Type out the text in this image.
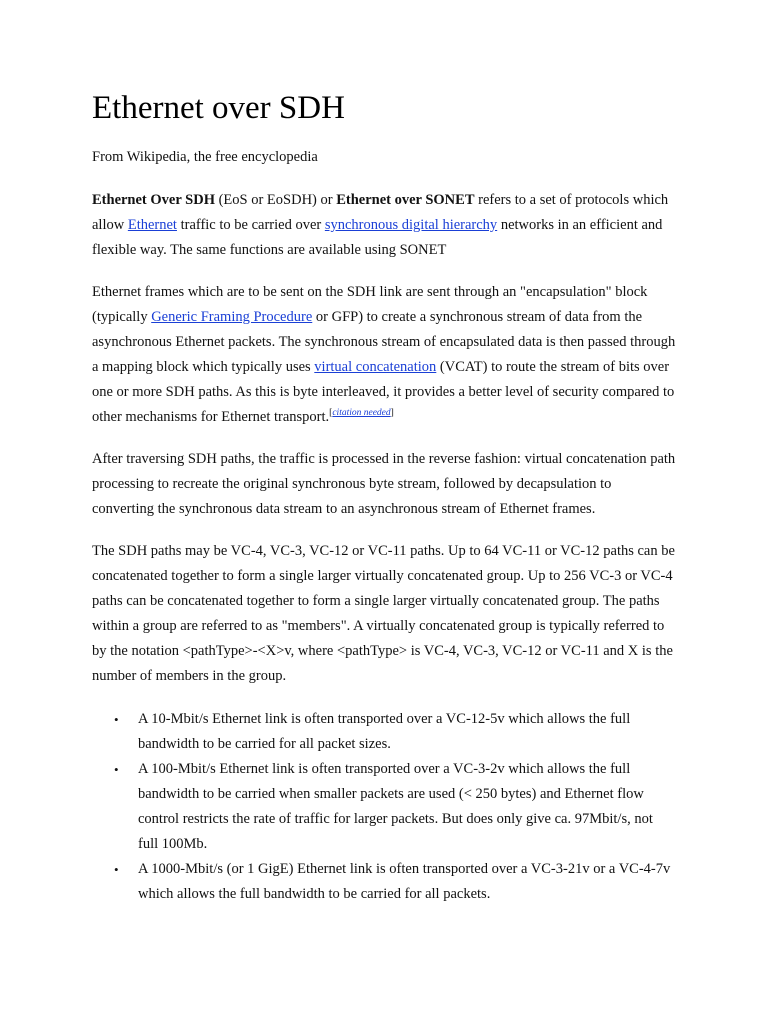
Ethernet over SDH
From Wikipedia, the free encyclopedia

Ethernet Over SDH (EoS or EoSDH) or Ethernet over SONET refers to a set of protocols which allow Ethernet traffic to be carried over synchronous digital hierarchy networks in an efficient and flexible way. The same functions are available using SONET

Ethernet frames which are to be sent on the SDH link are sent through an "encapsulation" block (typically Generic Framing Procedure or GFP) to create a synchronous stream of data from the asynchronous Ethernet packets. The synchronous stream of encapsulated data is then passed through a mapping block which typically uses virtual concatenation (VCAT) to route the stream of bits over one or more SDH paths. As this is byte interleaved, it provides a better level of security compared to other mechanisms for Ethernet transport.[citation needed]

After traversing SDH paths, the traffic is processed in the reverse fashion: virtual concatenation path processing to recreate the original synchronous byte stream, followed by decapsulation to converting the synchronous data stream to an asynchronous stream of Ethernet frames.

The SDH paths may be VC-4, VC-3, VC-12 or VC-11 paths. Up to 64 VC-11 or VC-12 paths can be concatenated together to form a single larger virtually concatenated group. Up to 256 VC-3 or VC-4 paths can be concatenated together to form a single larger virtually concatenated group. The paths within a group are referred to as "members". A virtually concatenated group is typically referred to by the notation <pathType>-<X>v, where <pathType> is VC-4, VC-3, VC-12 or VC-11 and X is the number of members in the group.

• A 10-Mbit/s Ethernet link is often transported over a VC-12-5v which allows the full bandwidth to be carried for all packet sizes.
• A 100-Mbit/s Ethernet link is often transported over a VC-3-2v which allows the full bandwidth to be carried when smaller packets are used (< 250 bytes) and Ethernet flow control restricts the rate of traffic for larger packets. But does only give ca. 97Mbit/s, not full 100Mb.
• A 1000-Mbit/s (or 1 GigE) Ethernet link is often transported over a VC-3-21v or a VC-4-7v which allows the full bandwidth to be carried for all packets.
